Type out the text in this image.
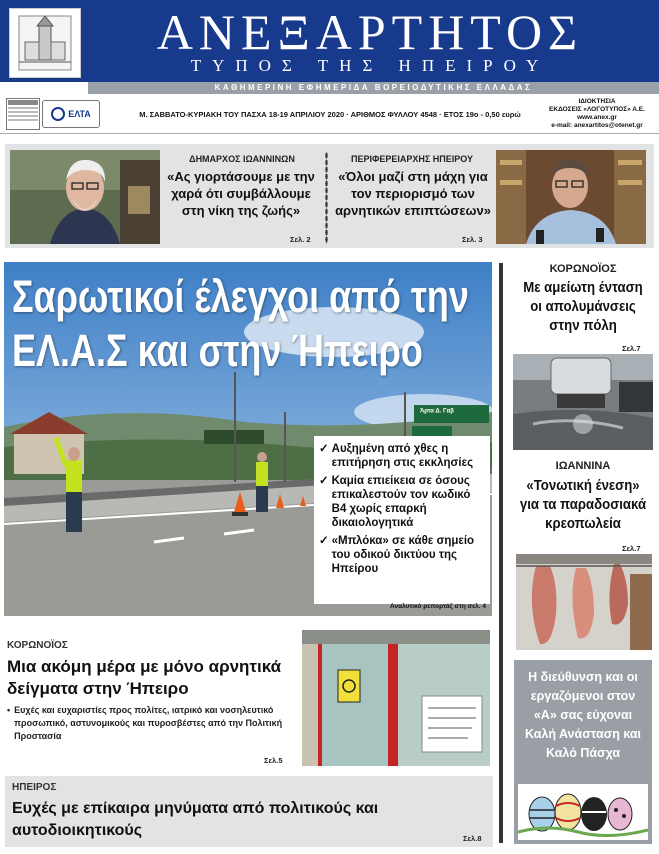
ΑΝΕΞΑΡΤΗΤΟΣ
ΤΥΠΟΣ ΤΗΣ ΗΠΕΙΡΟΥ
ΚΑΘΗΜΕΡΙΝΗ ΕΦΗΜΕΡΙΔΑ ΒΟΡΕΙΟΔΥΤΙΚΗΣ ΕΛΛΑΔΑΣ
ΕΛΤΑ	Μ. ΣΑΒΒΑΤΟ-ΚΥΡΙΑΚΗ ΤΟΥ ΠΑΣΧΑ 18-19 ΑΠΡΙΛΙΟΥ 2020 · ΑΡΙΘΜΟΣ ΦΥΛΛΟΥ 4548 · ΕΤΟΣ 19ο - 0,50 ευρώ
ΙΔΙΟΚΤΗΣΙΑ
ΕΚΔΟΣΕΙΣ «ΛΟΓΟΤΥΠΟΣ» Α.Ε.
www.anex.gr
e-mail: anexartitos@otenet.gr
ΔΗΜΑΡΧΟΣ ΙΩΑΝΝΙΝΩΝ
«Ας γιορτάσουμε με την χαρά ότι συμβάλλουμε στη νίκη της ζωής»
Σελ. 2
ΠΕΡΙΦΕΡΕΙΑΡΧΗΣ ΗΠΕΙΡΟΥ
«Όλοι μαζί στη μάχη για τον περιορισμό των αρνητικών επιπτώσεων»
Σελ. 3
Σαρωτικοί έλεγχοι από την
ΕΛ.Α.Σ και στην Ήπειρο
Άρτα Δ. Γαβ
✓ Αυξημένη από χθες η επιτήρηση στις εκκλησίες
✓ Καμία επιείκεια σε όσους επικαλεστούν τον κωδικό Β4 χωρίς επαρκή δικαιολογητικά
✓ «Μπλόκα» σε κάθε σημείο του οδικού δικτύου της Ηπείρου
Αναλυτικό ρεπορτάζ στη σελ. 4
ΚΟΡΩΝΟΪΟΣ
Μια ακόμη μέρα με μόνο αρνητικά δείγματα στην Ήπειρο
• Ευχές και ευχαριστίες προς πολίτες, ιατρικό και νοσηλευτικό προσωπικό, αστυνομικούς και πυροσβέστες από την Πολιτική Προστασία
Σελ.5
ΗΠΕΙΡΟΣ
Ευχές με επίκαιρα μηνύματα από πολιτικούς και αυτοδιοικητικούς	Σελ.8
ΚΟΡΩΝΟΪΟΣ
Με αμείωτη ένταση οι απολυμάνσεις στην πόλη
Σελ.7
ΙΩΑΝΝΙΝΑ
«Τονωτική ένεση» για τα παραδοσιακά κρεοπωλεία
Σελ.7
Η διεύθυνση και οι εργαζόμενοι στον «Α» σας εύχοναι Καλή Ανάσταση και Καλό Πάσχα
